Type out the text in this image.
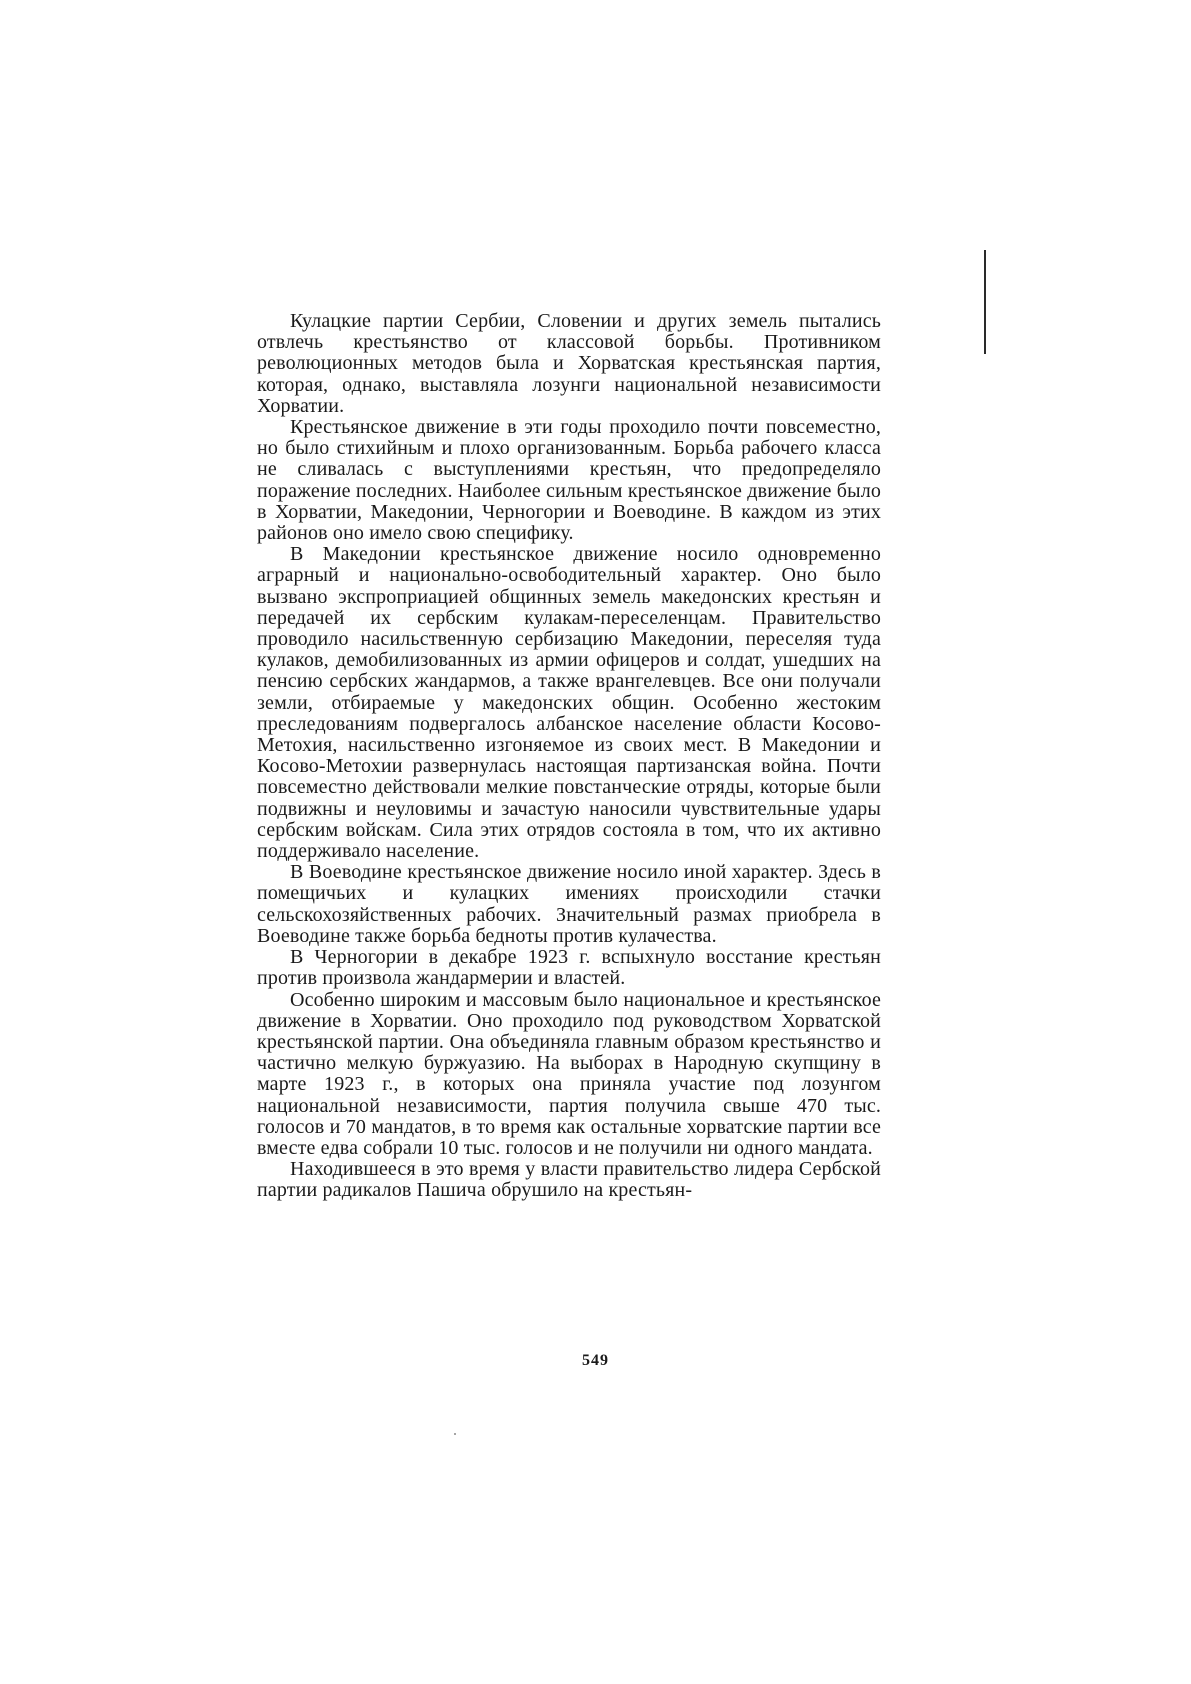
Кулацкие партии Сербии, Словении и других земель пытались отвлечь крестьянство от классовой борьбы. Противником революционных методов была и Хорватская крестьянская партия, которая, однако, выставляла лозунги национальной независимости Хорватии.

Крестьянское движение в эти годы проходило почти повсеместно, но было стихийным и плохо организованным. Борьба рабочего класса не сливалась с выступлениями крестьян, что предопределяло поражение последних. Наиболее сильным крестьянское движение было в Хорватии, Македонии, Черногории и Воеводине. В каждом из этих районов оно имело свою специфику.

В Македонии крестьянское движение носило одновременно аграрный и национально-освободительный характер. Оно было вызвано экспроприацией общинных земель македонских крестьян и передачей их сербским кулакам-переселенцам. Правительство проводило насильственную сербизацию Македонии, переселяя туда кулаков, демобилизованных из армии офицеров и солдат, ушедших на пенсию сербских жандармов, а также врангелевцев. Все они получали земли, отбираемые у македонских общин. Особенно жестоким преследованиям подвергалось албанское население области Косово-Метохия, насильственно изгоняемое из своих мест. В Македонии и Косово-Метохии развернулась настоящая партизанская война. Почти повсеместно действовали мелкие повстанческие отряды, которые были подвижны и неуловимы и зачастую наносили чувствительные удары сербским войскам. Сила этих отрядов состояла в том, что их активно поддерживало население.

В Воеводине крестьянское движение носило иной характер. Здесь в помещичьих и кулацких имениях происходили стачки сельскохозяйственных рабочих. Значительный размах приобрела в Воеводине также борьба бедноты против кулачества.

В Черногории в декабре 1923 г. вспыхнуло восстание крестьян против произвола жандармерии и властей.

Особенно широким и массовым было национальное и крестьянское движение в Хорватии. Оно проходило под руководством Хорватской крестьянской партии. Она объединяла главным образом крестьянство и частично мелкую буржуазию. На выборах в Народную скупщину в марте 1923 г., в которых она приняла участие под лозунгом национальной независимости, партия получила свыше 470 тыс. голосов и 70 мандатов, в то время как остальные хорватские партии все вместе едва собрали 10 тыс. голосов и не получили ни одного мандата.

Находившееся в это время у власти правительство лидера Сербской партии радикалов Пашича обрушило на крестьян-

549
